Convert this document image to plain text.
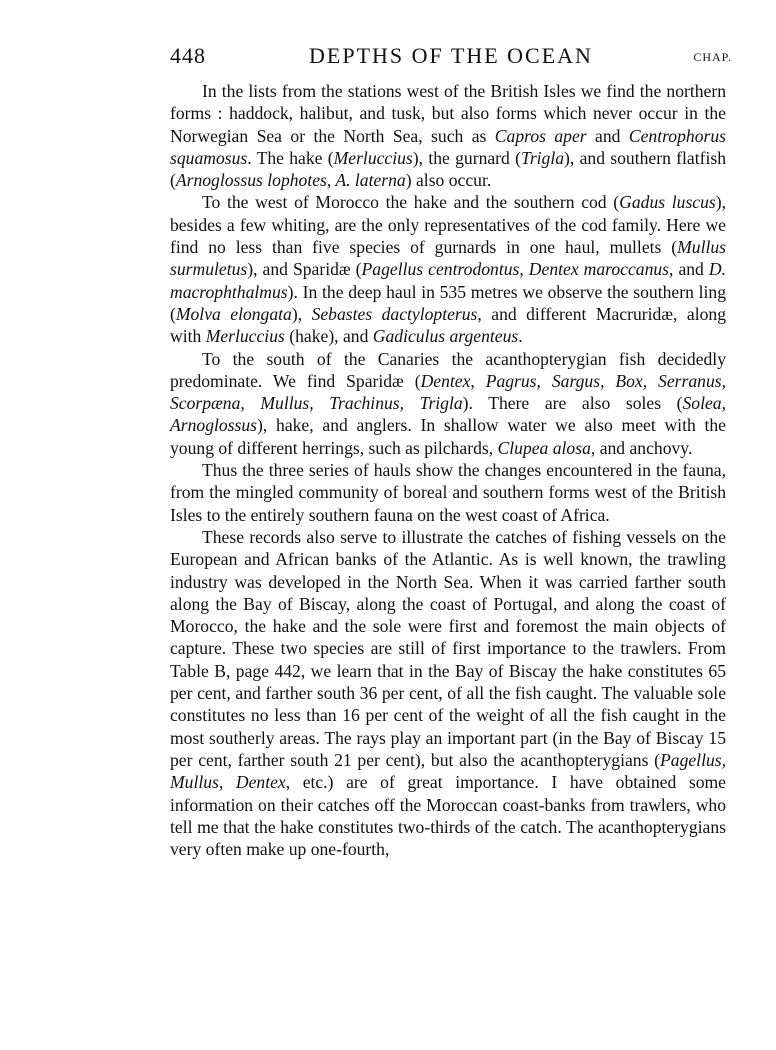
448	DEPTHS OF THE OCEAN	CHAP.

In the lists from the stations west of the British Isles we find the northern forms : haddock, halibut, and tusk, but also forms which never occur in the Norwegian Sea or the North Sea, such as Capros aper and Centrophorus squamosus. The hake (Merluccius), the gurnard (Trigla), and southern flatfish (Arnoglossus lophotes, A. laterna) also occur.

To the west of Morocco the hake and the southern cod (Gadus luscus), besides a few whiting, are the only representatives of the cod family. Here we find no less than five species of gurnards in one haul, mullets (Mullus surmuletus), and Sparidæ (Pagellus centrodontus, Dentex maroccanus, and D. macrophthalmus). In the deep haul in 535 metres we observe the southern ling (Molva elongata), Sebastes dactylopterus, and different Macruridæ, along with Merluccius (hake), and Gadiculus argenteus.

To the south of the Canaries the acanthopterygian fish decidedly predominate. We find Sparidæ (Dentex, Pagrus, Sargus, Box, Serranus, Scorpæna, Mullus, Trachinus, Trigla). There are also soles (Solea, Arnoglossus), hake, and anglers. In shallow water we also meet with the young of different herrings, such as pilchards, Clupea alosa, and anchovy.

Thus the three series of hauls show the changes encountered in the fauna, from the mingled community of boreal and southern forms west of the British Isles to the entirely southern fauna on the west coast of Africa.

These records also serve to illustrate the catches of fishing vessels on the European and African banks of the Atlantic. As is well known, the trawling industry was developed in the North Sea. When it was carried farther south along the Bay of Biscay, along the coast of Portugal, and along the coast of Morocco, the hake and the sole were first and foremost the main objects of capture. These two species are still of first importance to the trawlers. From Table B, page 442, we learn that in the Bay of Biscay the hake constitutes 65 per cent, and farther south 36 per cent, of all the fish caught. The valuable sole constitutes no less than 16 per cent of the weight of all the fish caught in the most southerly areas. The rays play an important part (in the Bay of Biscay 15 per cent, farther south 21 per cent), but also the acanthopterygians (Pagellus, Mullus, Dentex, etc.) are of great importance. I have obtained some information on their catches off the Moroccan coast-banks from trawlers, who tell me that the hake constitutes two-thirds of the catch. The acanthopterygians very often make up one-fourth,
